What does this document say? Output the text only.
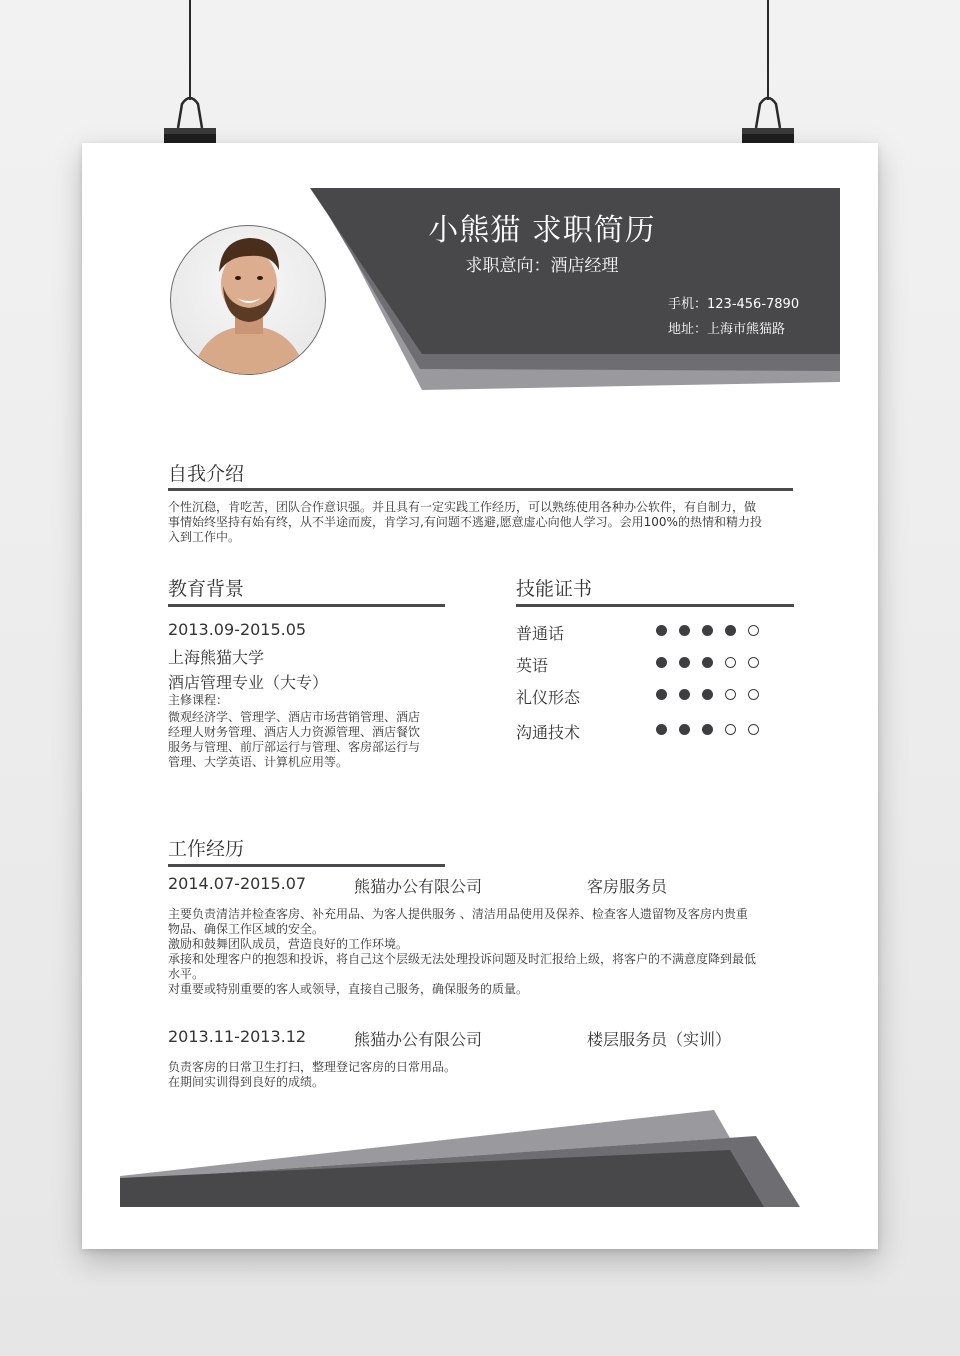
小熊猫 求职简历
求职意向：酒店经理
手机：123-456-7890
地址：上海市熊猫路
自我介绍
个性沉稳，肯吃苦，团队合作意识强。并且具有一定实践工作经历，可以熟练使用各种办公软件，有自制力，做
事情始终坚持有始有终，从不半途而废，肯学习,有问题不逃避,愿意虚心向他人学习。会用100%的热情和精力投
入到工作中。
教育背景
2013.09-2015.05
上海熊猫大学
酒店管理专业（大专）
主修课程：
微观经济学、管理学、酒店市场营销管理、酒店
经理人财务管理、酒店人力资源管理、酒店餐饮
服务与管理、前厅部运行与管理、客房部运行与
管理、大学英语、计算机应用等。
技能证书
普通话
英语
礼仪形态
沟通技术
工作经历
2014.07-2015.07	熊猫办公有限公司	客房服务员
主要负责清洁并检查客房、补充用品、为客人提供服务 、清洁用品使用及保养、检查客人遗留物及客房内贵重
物品、确保工作区域的安全。
激励和鼓舞团队成员，营造良好的工作环境。
承接和处理客户的抱怨和投诉，将自己这个层级无法处理投诉问题及时汇报给上级，将客户的不满意度降到最低
水平。
对重要或特别重要的客人或领导，直接自己服务，确保服务的质量。
2013.11-2013.12	熊猫办公有限公司	楼层服务员（实训）
负责客房的日常卫生打扫，整理登记客房的日常用品。
在期间实训得到良好的成绩。
